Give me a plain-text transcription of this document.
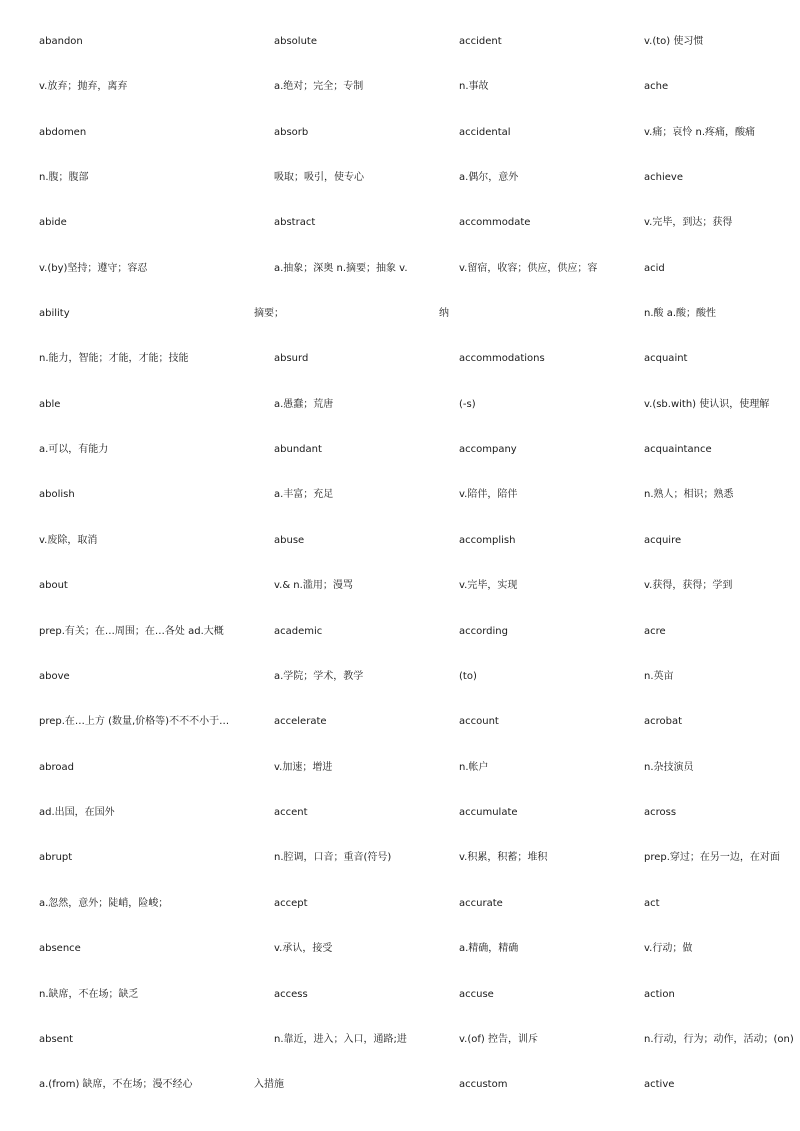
abandon
v.放弃；抛弃，离弃
abdomen
n.腹；腹部
abide
v.(by)坚持；遵守；容忍
ability
n.能力，智能；才能，才能；技能
able
a.可以，有能力
abolish
v.废除，取消
about
prep.有关；在…周围；在…各处 ad.大概
above
prep.在…上方 (数量,价格等)不不不小于…
abroad
ad.出国，在国外
abrupt
a.忽然，意外；陡峭，险峻；
absence
n.缺席，不在场；缺乏
absent
a.(from) 缺席，不在场；漫不经心
absolute
a.绝对；完全；专制
absorb
吸取；吸引，使专心
abstract
a.抽象；深奥 n.摘要；抽象 v.
摘要；
absurd
a.愚蠢；荒唐
abundant
a.丰富；充足
abuse
v.& n.滥用；漫骂
academic
a.学院；学术，教学
accelerate
v.加速；增进
accent
n.腔调，口音；重音(符号)
accept
v.承认，接受
access
n.靠近，进入；入口，通路;进
入措施
accident
n.事故
accidental
a.偶尔，意外
accommodate
v.留宿，收容；供应，供应；容
纳
accommodations
(-s)
accompany
v.陪伴，陪伴
accomplish
v.完毕，实现
according
(to)
account
n.帐户
accumulate
v.积累，积蓄；堆积
accurate
a.精确，精确
accuse
v.(of) 控告，训斥
accustom
v.(to) 使习惯
ache
v.痛；哀怜 n.疼痛，酸痛
achieve
v.完毕，到达；获得
acid
n.酸 a.酸；酸性
acquaint
v.(sb.with) 使认识，使理解
acquaintance
n.熟人；相识；熟悉
acquire
v.获得，获得；学到
acre
n.英亩
acrobat
n.杂技演员
across
prep.穿过；在另一边，在对面
act
v.行动；做
action
n.行动，行为；动作，活动；(on)
active
